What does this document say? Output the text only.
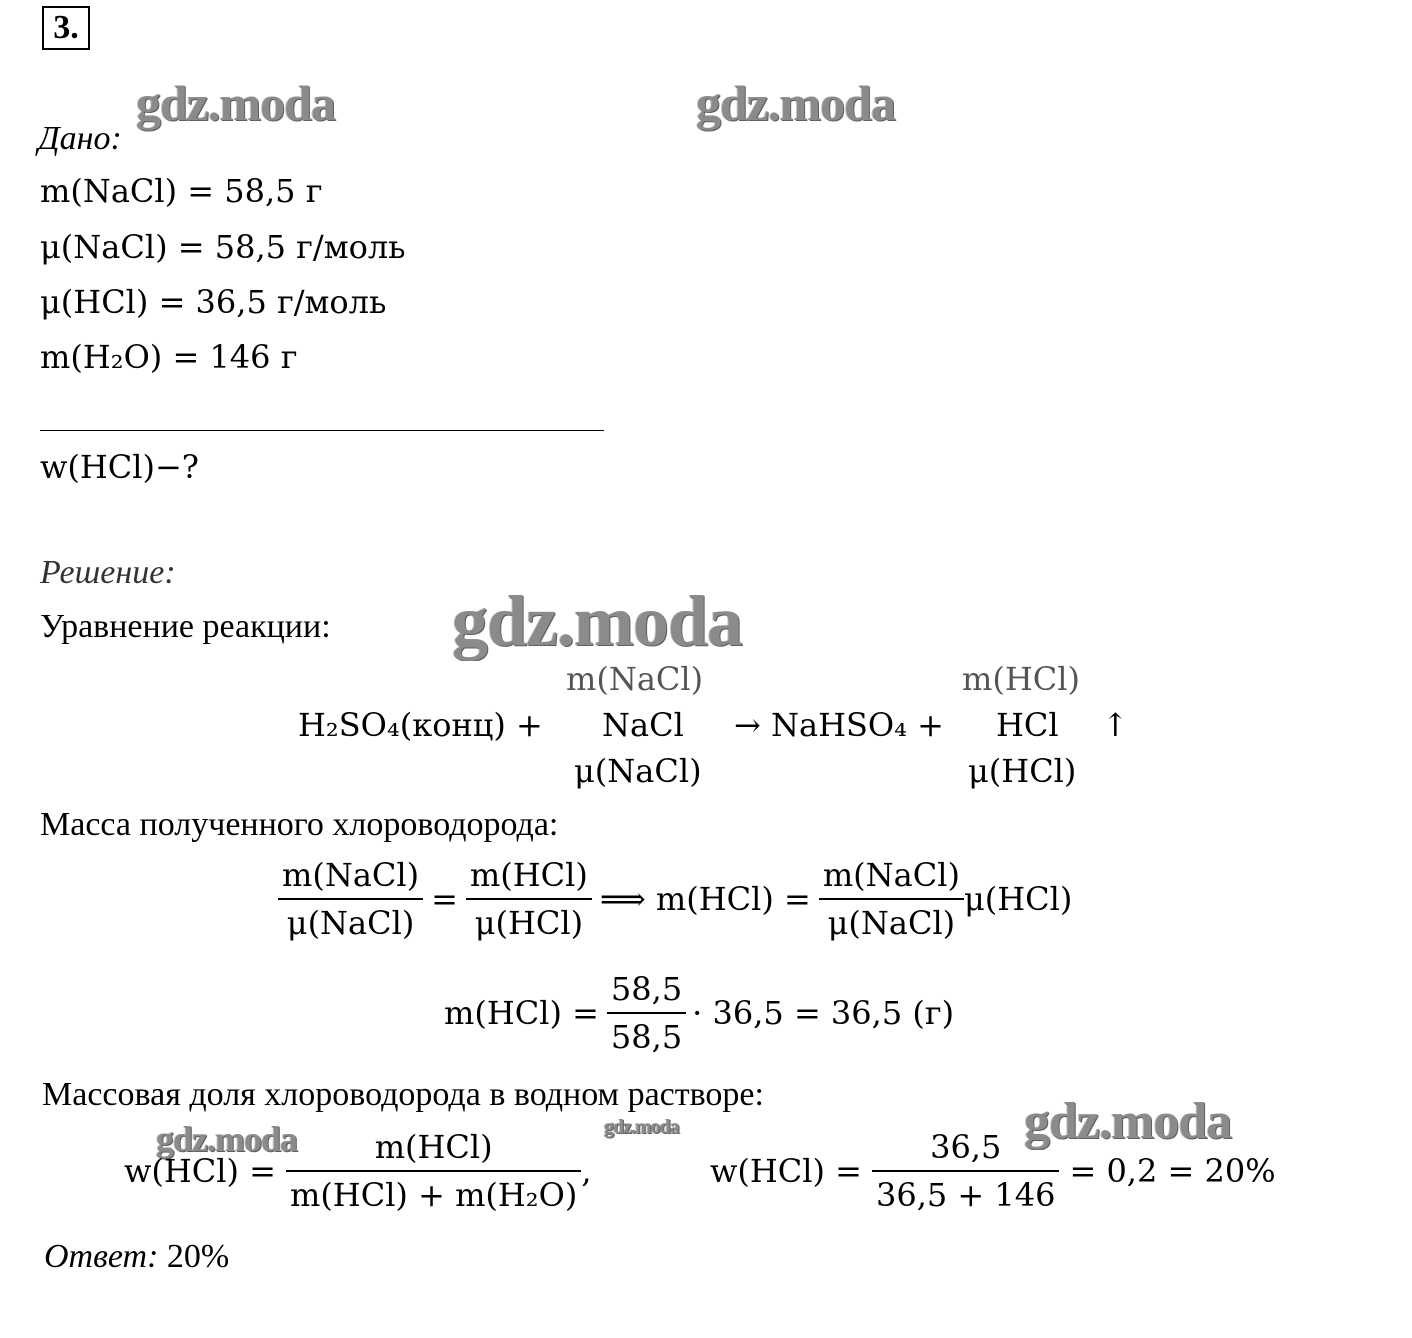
3.
gdz.moda	gdz.moda
gdz.moda
gdz.moda	gdz.moda	gdz.moda
Дано:
m(NaCl) = 58,5 г
μ(NaCl) = 58,5 г/моль
μ(HCl) = 36,5 г/моль
m(H₂O) = 146 г
w(HCl)−?
Решение:
Уравнение реакции:
H₂SO₄(конц) +
m(NaCl)
NaCl
μ(NaCl)
→ NaHSO₄ +
m(HCl)
HCl
μ(HCl)
↑
Масса полученного хлороводорода:
$\frac{\text{m(NaCl)}}{\text{μ(NaCl)}} = \frac{\text{m(HCl)}}{\text{μ(HCl)}}$ ⟹ $m(HCl) = \frac{\text{m(NaCl)}}{\text{μ(NaCl)}} \mu(HCl)$
$m(HCl) = \frac{58,5}{58,5} \cdot 36,5 = 36,5$ (г)
Массовая доля хлороводорода в водном растворе:
$w(HCl) = \frac{\text{m(HCl)}}{\text{m(HCl) + m(H₂O)}}$ ,	$w(HCl) = \frac{36,5}{36,5 + 146} = 0,2 = 20\%$
Ответ: 20%
